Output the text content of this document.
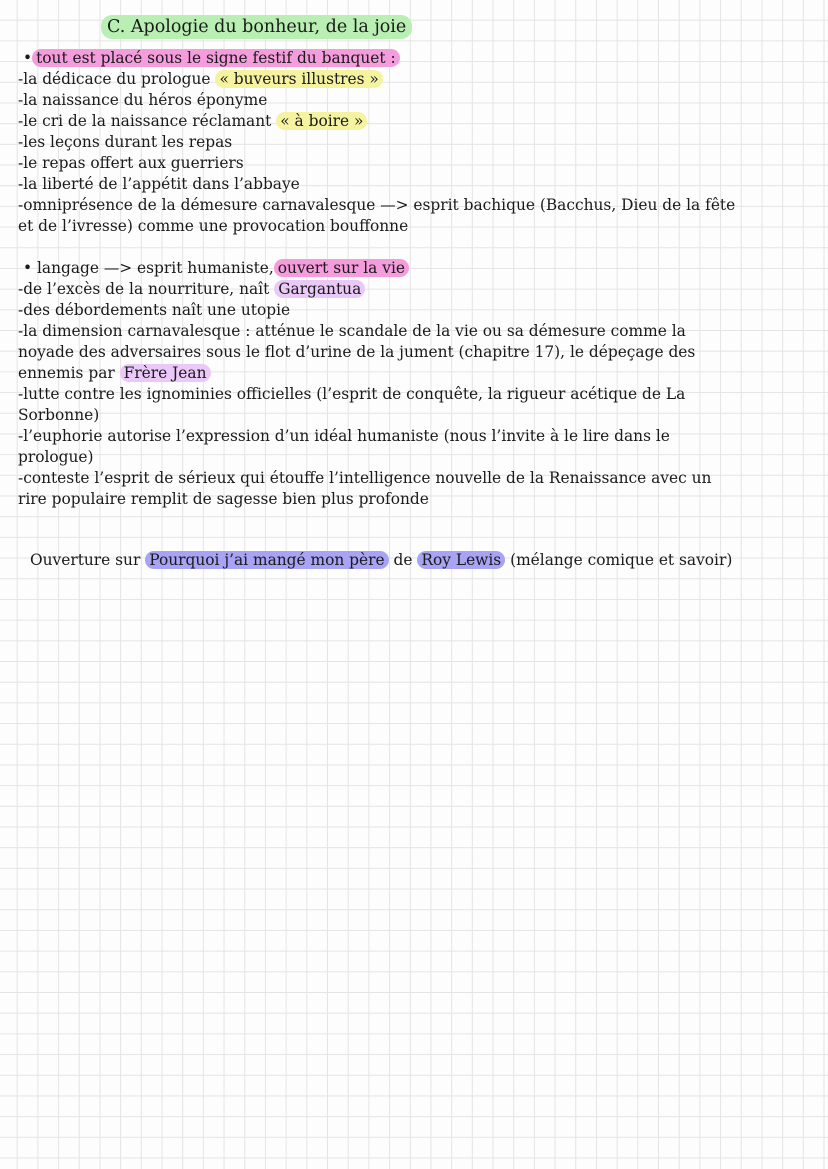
C. Apologie du bonheur, de la joie

• tout est placé sous le signe festif du banquet :

-la dédicace du prologue « buveurs illustres »

-la naissance du héros éponyme

-le cri de la naissance réclamant « à boire »

-les leçons durant les repas

-le repas offert aux guerriers

-la liberté de l’appétit dans l’abbaye

-omniprésence de la démesure carnavalesque —> esprit bachique (Bacchus, Dieu de la fête

et de l’ivresse) comme une provocation bouffonne

• langage —> esprit humaniste, ouvert sur la vie

-de l’excès de la nourriture, naît Gargantua

-des débordements naît une utopie

-la dimension carnavalesque : atténue le scandale de la vie ou sa démesure comme la

noyade des adversaires sous le flot d’urine de la jument (chapitre 17), le dépeçage des

ennemis par Frère Jean

-lutte contre les ignominies officielles (l’esprit de conquête, la rigueur acétique de La

Sorbonne)

-l’euphorie autorise l’expression d’un idéal humaniste (nous l’invite à le lire dans le

prologue)

-conteste l’esprit de sérieux qui étouffe l’intelligence nouvelle de la Renaissance avec un

rire populaire remplit de sagesse bien plus profonde

Ouverture sur Pourquoi j’ai mangé mon père de Roy Lewis (mélange comique et savoir)
